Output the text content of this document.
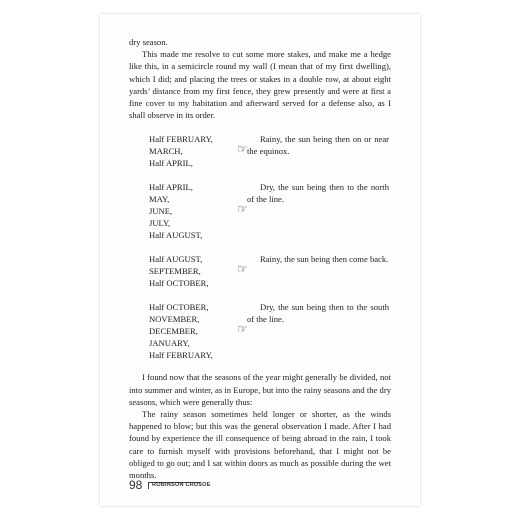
dry season.

This made me resolve to cut some more stakes, and make me a hedge like this, in a semicircle round my wall (I mean that of my first dwelling), which I did; and placing the trees or stakes in a double row, at about eight yards’ distance from my first fence, they grew presently and were at first a fine cover to my habitation and afterward served for a defense also, as I shall observe in its order.

Half FEBRUARY,
MARCH,
Half APRIL,
☞
Rainy, the sun being then on or near the equinox.
Half APRIL,
MAY,
JUNE,
JULY,
Half AUGUST,
☞
Dry, the sun being then to the north of the line.
Half AUGUST,
SEPTEMBER,
Half OCTOBER,
☞
Rainy, the sun being then come back.
Half OCTOBER,
NOVEMBER,
DECEMBER,
JANUARY,
Half FEBRUARY,
☞
Dry, the sun being then to the south of the line.

I found now that the seasons of the year might generally be divided, not into summer and winter, as in Europe, but into the rainy seasons and the dry seasons, which were generally thus:

The rainy season sometimes held longer or shorter, as the winds happened to blow; but this was the general observation I made. After I had found by experience the ill consequence of being abroad in the rain, I took care to furnish myself with provisions beforehand, that I might not be obliged to go out; and I sat within doors as much as possible during the wet months.

98 ROBINSON CRUSOE
